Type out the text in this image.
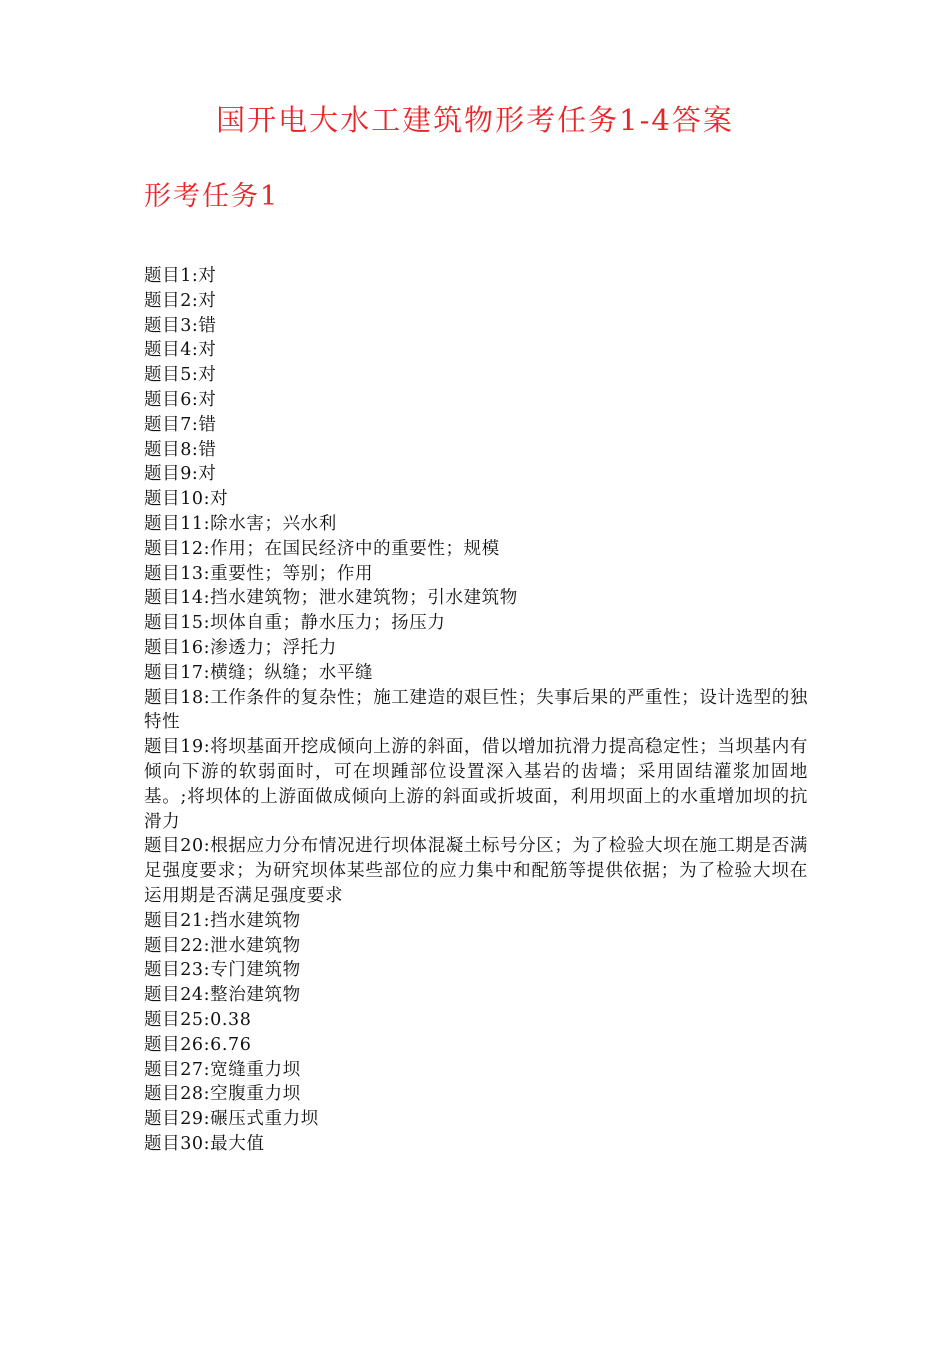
国开电大水工建筑物形考任务1-4答案
形考任务1
题目1:对
题目2:对
题目3:错
题目4:对
题目5:对
题目6:对
题目7:错
题目8:错
题目9:对
题目10:对
题目11:除水害；兴水利
题目12:作用；在国民经济中的重要性；规模
题目13:重要性；等别；作用
题目14:挡水建筑物；泄水建筑物；引水建筑物
题目15:坝体自重；静水压力；扬压力
题目16:渗透力；浮托力
题目17:横缝；纵缝；水平缝
题目18:工作条件的复杂性；施工建造的艰巨性；失事后果的严重性；设计选型的独特性
题目19:将坝基面开挖成倾向上游的斜面，借以增加抗滑力提高稳定性；当坝基内有倾向下游的软弱面时，可在坝踵部位设置深入基岩的齿墙；采用固结灌浆加固地基。;将坝体的上游面做成倾向上游的斜面或折坡面，利用坝面上的水重增加坝的抗滑力
题目20:根据应力分布情况进行坝体混凝土标号分区；为了检验大坝在施工期是否满足强度要求；为研究坝体某些部位的应力集中和配筋等提供依据；为了检验大坝在运用期是否满足强度要求
题目21:挡水建筑物
题目22:泄水建筑物
题目23:专门建筑物
题目24:整治建筑物
题目25:0.38
题目26:6.76
题目27:宽缝重力坝
题目28:空腹重力坝
题目29:碾压式重力坝
题目30:最大值
